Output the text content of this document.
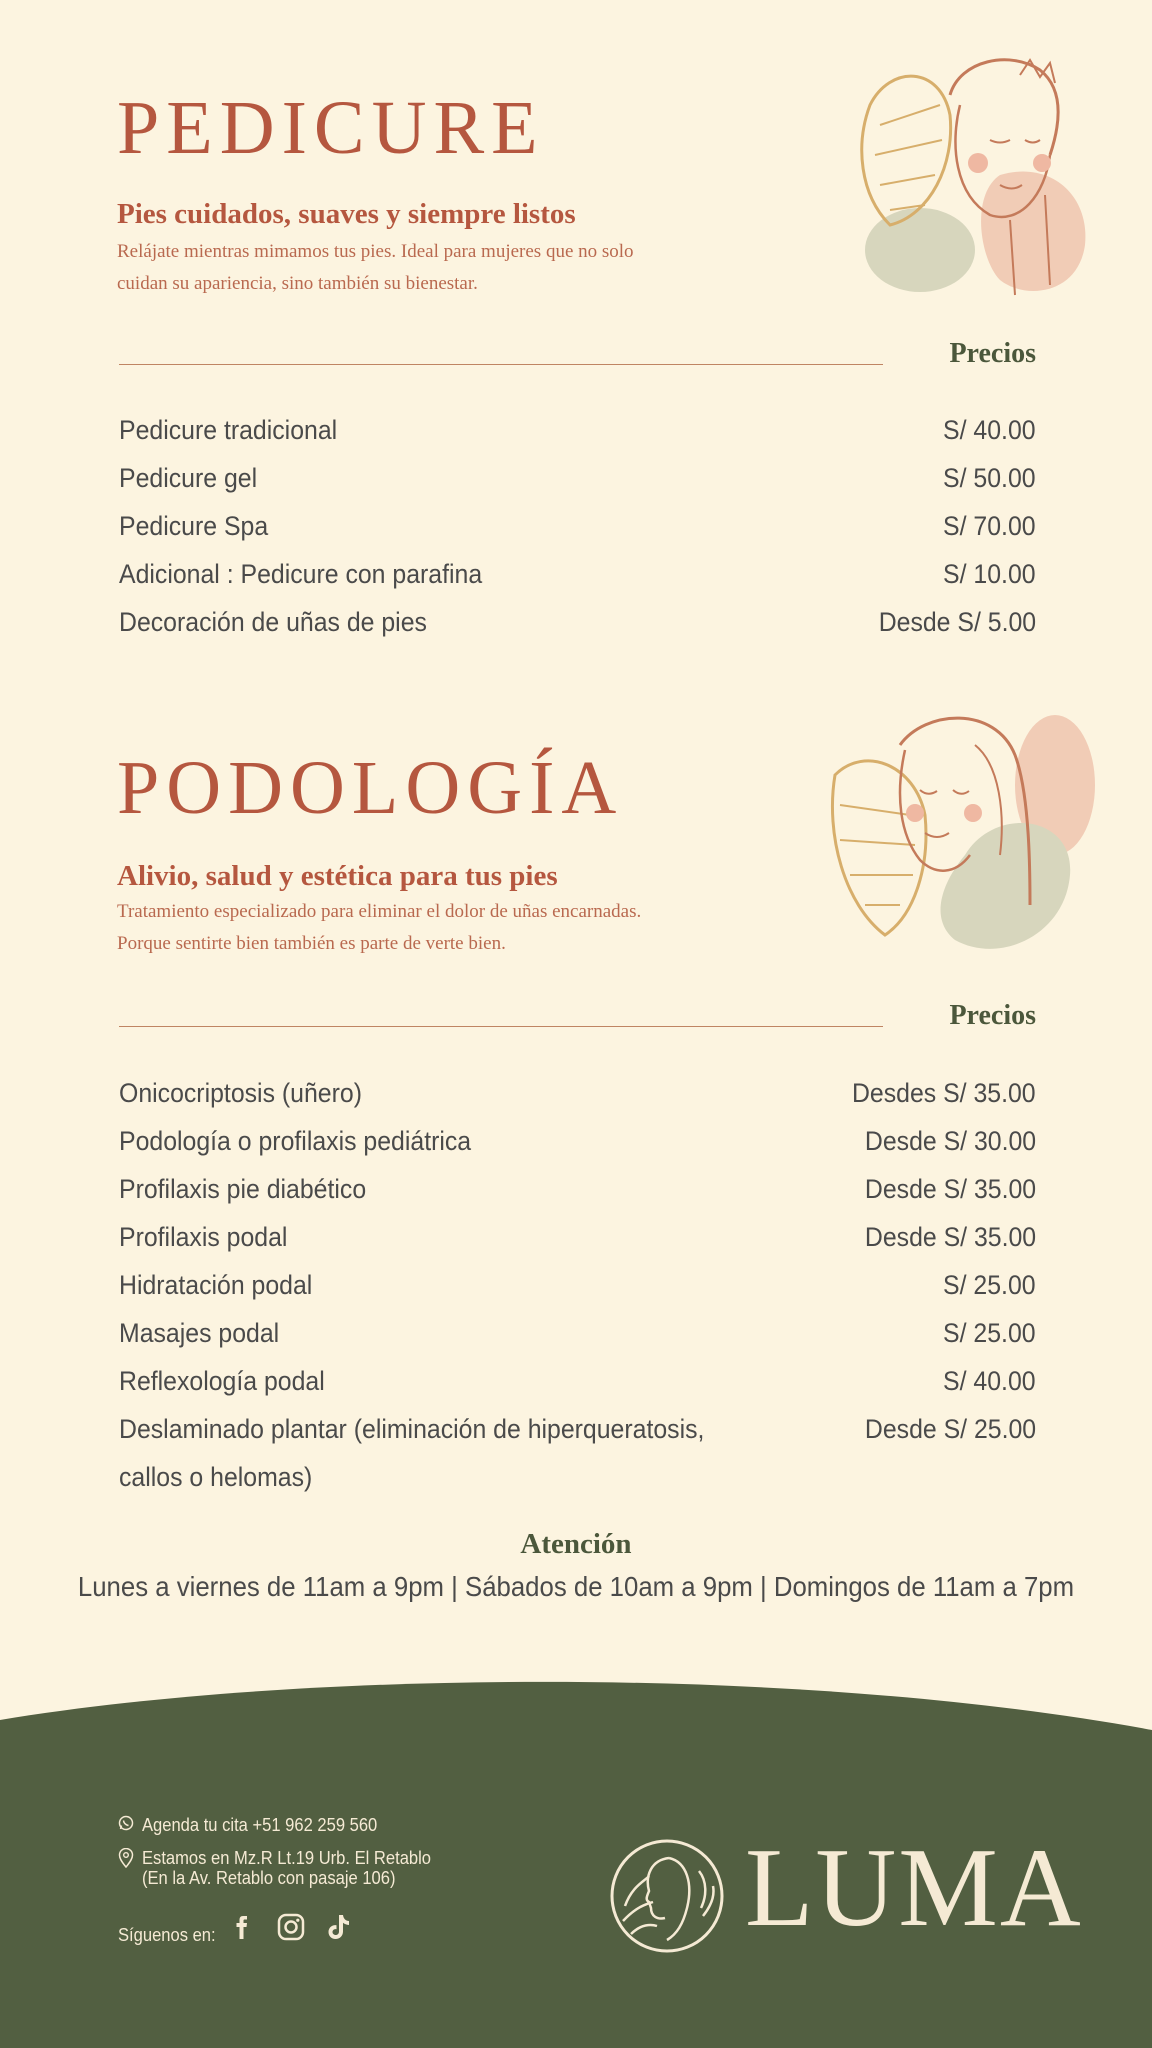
PEDICURE
Pies cuidados, suaves y siempre listos
Relájate mientras mimamos tus pies. Ideal para mujeres que no solo
cuidan su apariencia, sino también su bienestar.
Precios
Pedicure tradicional	S/ 40.00
Pedicure gel	S/ 50.00
Pedicure Spa	S/ 70.00
Adicional : Pedicure con parafina	S/ 10.00
Decoración de uñas de pies	Desde S/ 5.00
PODOLOGÍA
Alivio, salud y estética para tus pies
Tratamiento especializado para eliminar el dolor de uñas encarnadas.
Porque sentirte bien también es parte de verte bien.
Precios
Onicocriptosis (uñero)	Desdes S/ 35.00
Podología o profilaxis pediátrica	Desde S/ 30.00
Profilaxis pie diabético	Desde S/ 35.00
Profilaxis podal	Desde S/ 35.00
Hidratación podal	S/ 25.00
Masajes podal	S/ 25.00
Reflexología podal	S/ 40.00
Deslaminado plantar (eliminación de hiperqueratosis, callos o helomas)
Desde S/ 25.00
Atención
Lunes a viernes de 11am a 9pm | Sábados de 10am a 9pm | Domingos de 11am a 7pm
Agenda tu cita +51 962 259 560
Estamos en Mz.R Lt.19 Urb. El Retablo
(En la Av. Retablo con pasaje 106)
Síguenos en:	LUMA
